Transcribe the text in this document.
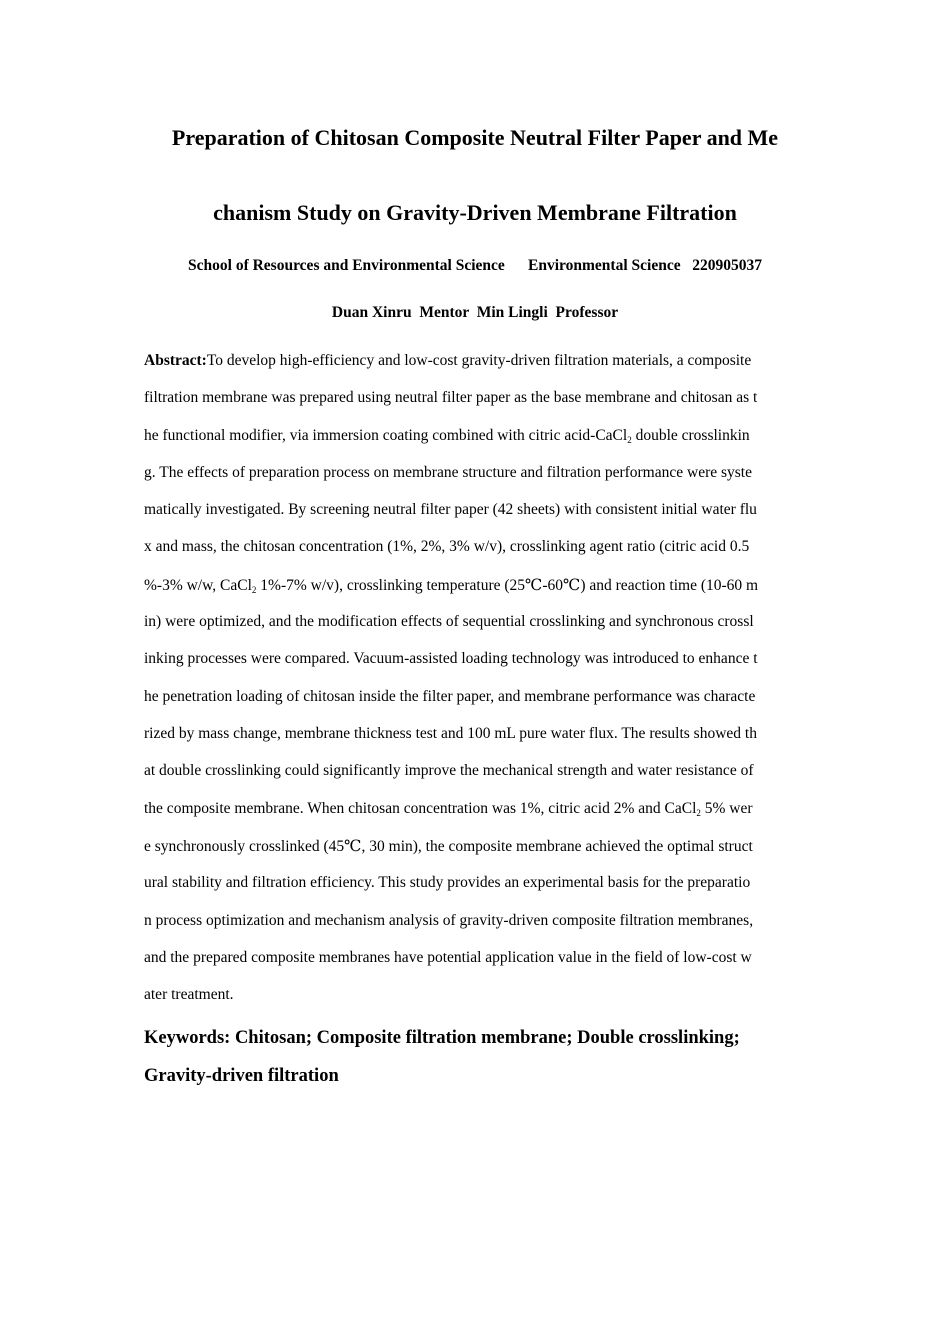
Preparation of Chitosan Composite Neutral Filter Paper and Me
chanism Study on Gravity-Driven Membrane Filtration
School of Resources and Environmental Science Environmental Science 220905037
Duan Xinru Mentor Min Lingli Professor
Abstract:To develop high-efficiency and low-cost gravity-driven filtration materials, a composite
filtration membrane was prepared using neutral filter paper as the base membrane and chitosan as t
he functional modifier, via immersion coating combined with citric acid-CaCl$_2$ double crosslinkin
g. The effects of preparation process on membrane structure and filtration performance were syste
matically investigated. By screening neutral filter paper (42 sheets) with consistent initial water flu
x and mass, the chitosan concentration (1%, 2%, 3% w/v), crosslinking agent ratio (citric acid 0.5
%-3% w/w, CaCl$_2$ 1%-7% w/v), crosslinking temperature (25℃-60℃) and reaction time (10-60 m
in) were optimized, and the modification effects of sequential crosslinking and synchronous crossl
inking processes were compared. Vacuum-assisted loading technology was introduced to enhance t
he penetration loading of chitosan inside the filter paper, and membrane performance was characte
rized by mass change, membrane thickness test and 100 mL pure water flux. The results showed th
at double crosslinking could significantly improve the mechanical strength and water resistance of
the composite membrane. When chitosan concentration was 1%, citric acid 2% and CaCl$_2$ 5% wer
e synchronously crosslinked (45℃, 30 min), the composite membrane achieved the optimal struct
ural stability and filtration efficiency. This study provides an experimental basis for the preparatio
n process optimization and mechanism analysis of gravity-driven composite filtration membranes,
and the prepared composite membranes have potential application value in the field of low-cost w
ater treatment.
Keywords: Chitosan; Composite filtration membrane; Double crosslinking;
Gravity-driven filtration
